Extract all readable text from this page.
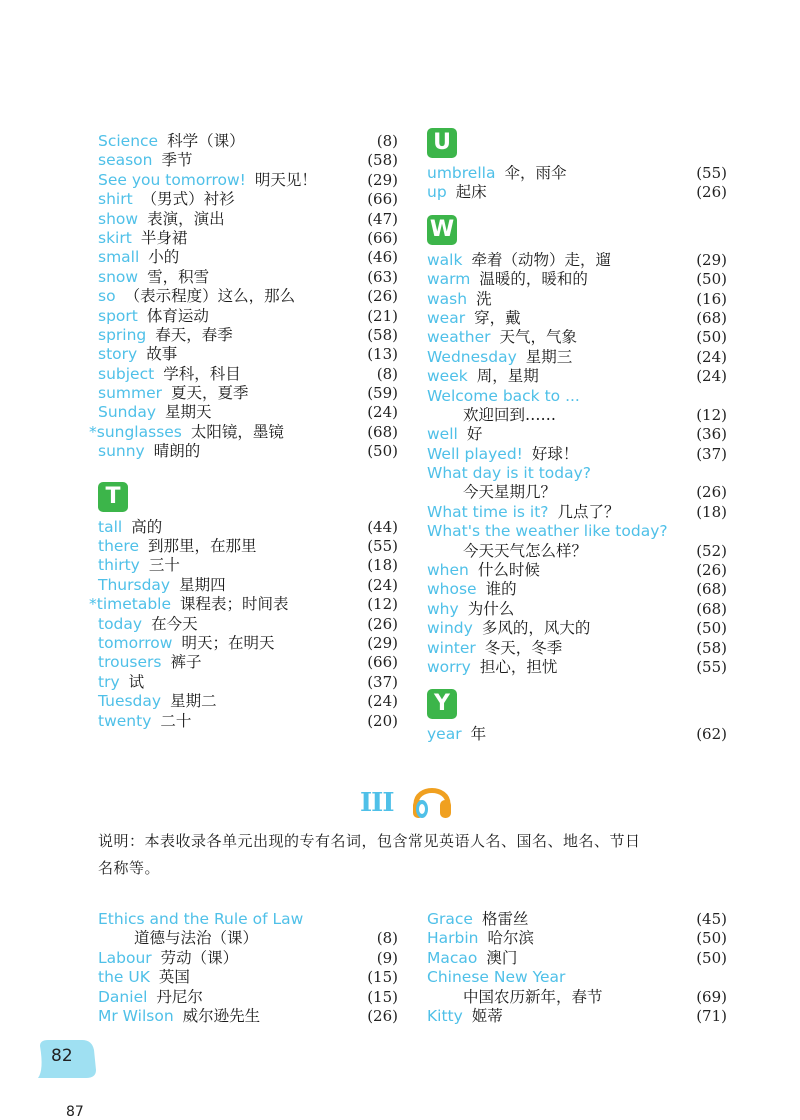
Science 科学（课）	(8)
season 季节	(58)
See you tomorrow! 明天见！	(29)
shirt （男式）衬衫	(66)
show 表演，演出	(47)
skirt 半身裙	(66)
small 小的	(46)
snow 雪，积雪	(63)
so （表示程度）这么，那么	(26)
sport 体育运动	(21)
spring 春天，春季	(58)
story 故事	(13)
subject 学科，科目	(8)
summer 夏天，夏季	(59)
Sunday 星期天	(24)
*sunglasses 太阳镜，墨镜	(68)
sunny 晴朗的	(50)
T
tall 高的	(44)
there 到那里，在那里	(55)
thirty 三十	(18)
Thursday 星期四	(24)
*timetable 课程表；时间表	(12)
today 在今天	(26)
tomorrow 明天；在明天	(29)
trousers 裤子	(66)
try 试	(37)
Tuesday 星期二	(24)
twenty 二十	(20)
U
umbrella 伞，雨伞	(55)
up 起床	(26)
W
walk 牵着（动物）走，遛	(29)
warm 温暖的，暖和的	(50)
wash 洗	(16)
wear 穿，戴	(68)
weather 天气，气象	(50)
Wednesday 星期三	(24)
week 周，星期	(24)
Welcome back to ...
欢迎回到……	(12)
well 好	(36)
Well played! 好球！	(37)
What day is it today?
今天星期几？	(26)
What time is it? 几点了？	(18)
What's the weather like today?
今天天气怎么样？	(52)
when 什么时候	(26)
whose 谁的	(68)
why 为什么	(68)
windy 多风的，风大的	(50)
winter 冬天，冬季	(58)
worry 担心，担忧	(55)
Y
year 年	(62)
III
说明：本表收录各单元出现的专有名词，包含常见英语人名、国名、地名、节日
名称等。
Ethics and the Rule of Law
道德与法治（课）	(8)
Labour 劳动（课）	(9)
the UK 英国	(15)
Daniel 丹尼尔	(15)
Mr Wilson 威尔逊先生	(26)
Grace 格雷丝	(45)
Harbin 哈尔滨	(50)
Macao 澳门	(50)
Chinese New Year
中国农历新年，春节	(69)
Kitty 姬蒂	(71)
82
87
